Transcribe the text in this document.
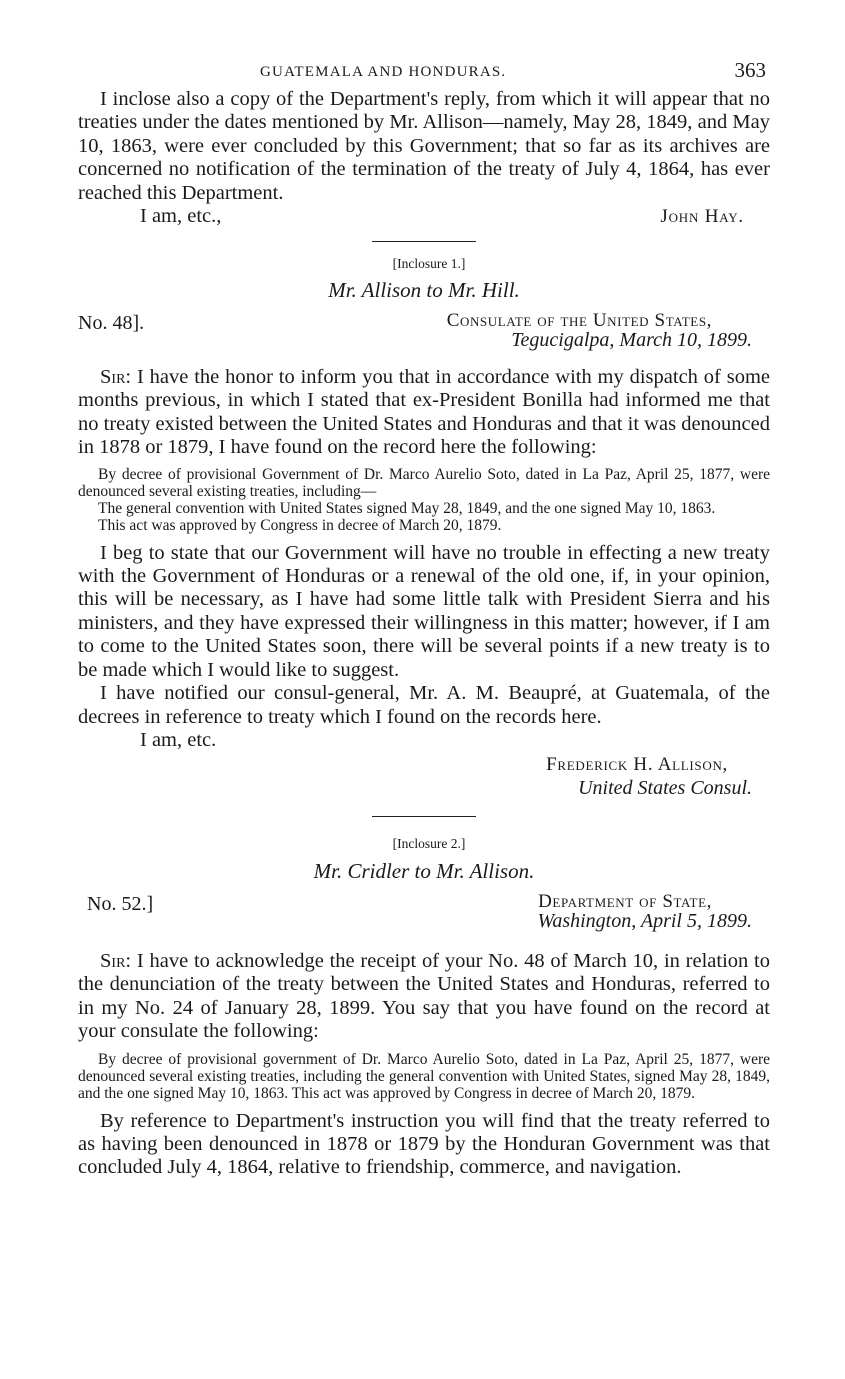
GUATEMALA AND HONDURAS.	363

I inclose also a copy of the Department's reply, from which it will appear that no treaties under the dates mentioned by Mr. Allison—namely, May 28, 1849, and May 10, 1863, were ever concluded by this Government; that so far as its archives are concerned no notification of the termination of the treaty of July 4, 1864, has ever reached this Department.

I am, etc.,	John Hay.
[Inclosure 1.]
Mr. Allison to Mr. Hill.
No. 48].	Consulate of the United States,
Tegucigalpa, March 10, 1899.

Sir: I have the honor to inform you that in accordance with my dispatch of some months previous, in which I stated that ex-President Bonilla had informed me that no treaty existed between the United States and Honduras and that it was denounced in 1878 or 1879, I have found on the record here the following:

By decree of provisional Government of Dr. Marco Aurelio Soto, dated in La Paz, April 25, 1877, were denounced several existing treaties, including—

The general convention with United States signed May 28, 1849, and the one signed May 10, 1863.

This act was approved by Congress in decree of March 20, 1879.

I beg to state that our Government will have no trouble in effecting a new treaty with the Government of Honduras or a renewal of the old one, if, in your opinion, this will be necessary, as I have had some little talk with President Sierra and his ministers, and they have expressed their willingness in this matter; however, if I am to come to the United States soon, there will be several points if a new treaty is to be made which I would like to suggest.

I have notified our consul-general, Mr. A. M. Beaupré, at Guatemala, of the decrees in reference to treaty which I found on the records here.

I am, etc.
Frederick H. Allison,
United States Consul.
[Inclosure 2.]
Mr. Cridler to Mr. Allison.
No. 52.]	Department of State,
Washington, April 5, 1899.

Sir: I have to acknowledge the receipt of your No. 48 of March 10, in relation to the denunciation of the treaty between the United States and Honduras, referred to in my No. 24 of January 28, 1899. You say that you have found on the record at your consulate the following:

By decree of provisional government of Dr. Marco Aurelio Soto, dated in La Paz, April 25, 1877, were denounced several existing treaties, including the general convention with United States, signed May 28, 1849, and the one signed May 10, 1863. This act was approved by Congress in decree of March 20, 1879.

By reference to Department's instruction you will find that the treaty referred to as having been denounced in 1878 or 1879 by the Honduran Government was that concluded July 4, 1864, relative to friendship, commerce, and navigation.
